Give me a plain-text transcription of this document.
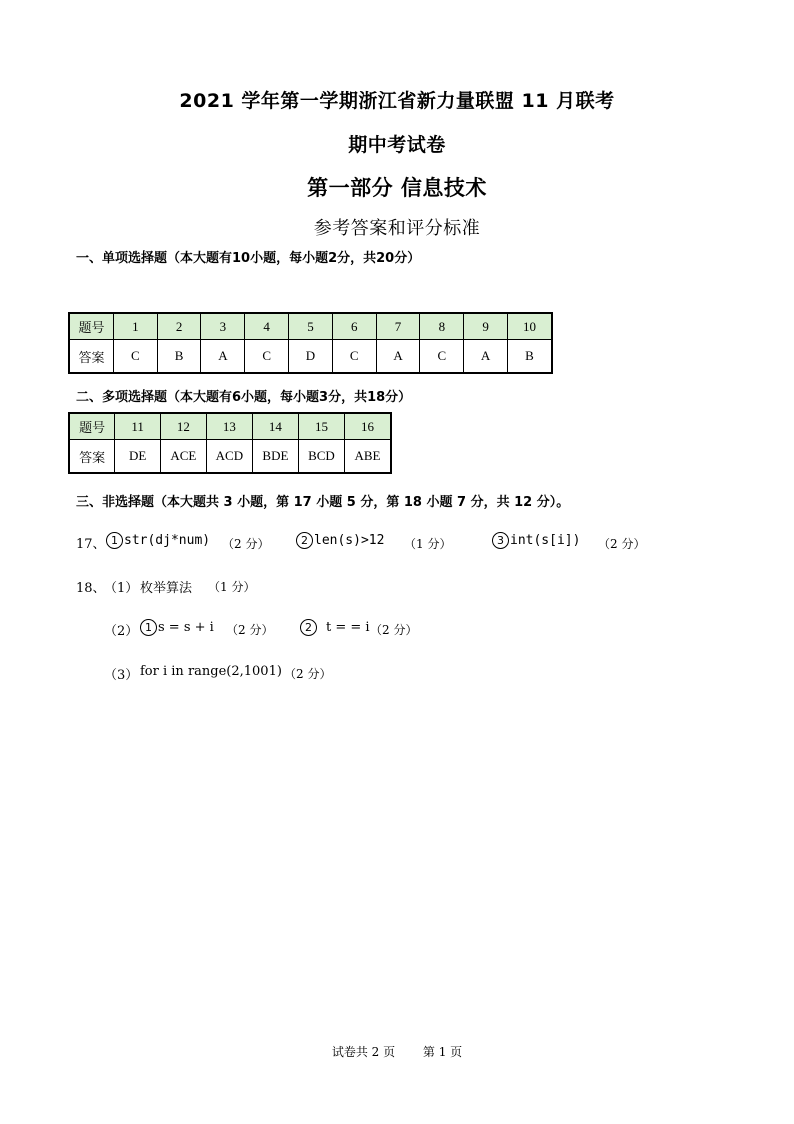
2021 学年第一学期浙江省新力量联盟 11 月联考
期中考试卷
第一部分 信息技术
参考答案和评分标准
一、单项选择题（本大题有10小题，每小题2分，共20分）
题号	1	2	3	4	5	6	7	8	9	10
答案	C	B	A	C	D	C	A	C	A	B
二、多项选择题（本大题有6小题，每小题3分，共18分）
题号	11	12	13	14	15	16
答案	DE	ACE	ACD	BDE	BCD	ABE
三、非选择题（本大题共 3 小题，第 17 小题 5 分，第 18 小题 7 分，共 12 分）。
17、 1 str(dj*num) （2 分）	2 len(s)>12 （1 分）	3 int(s[i]) （2 分）
18、
（1） 枚举算法 （1 分）
（2） 1 s = s + i （2 分）	2 t = = i （2 分）
（3） for i in range(2,1001) （2 分）
试卷共 2 页 第 1 页
